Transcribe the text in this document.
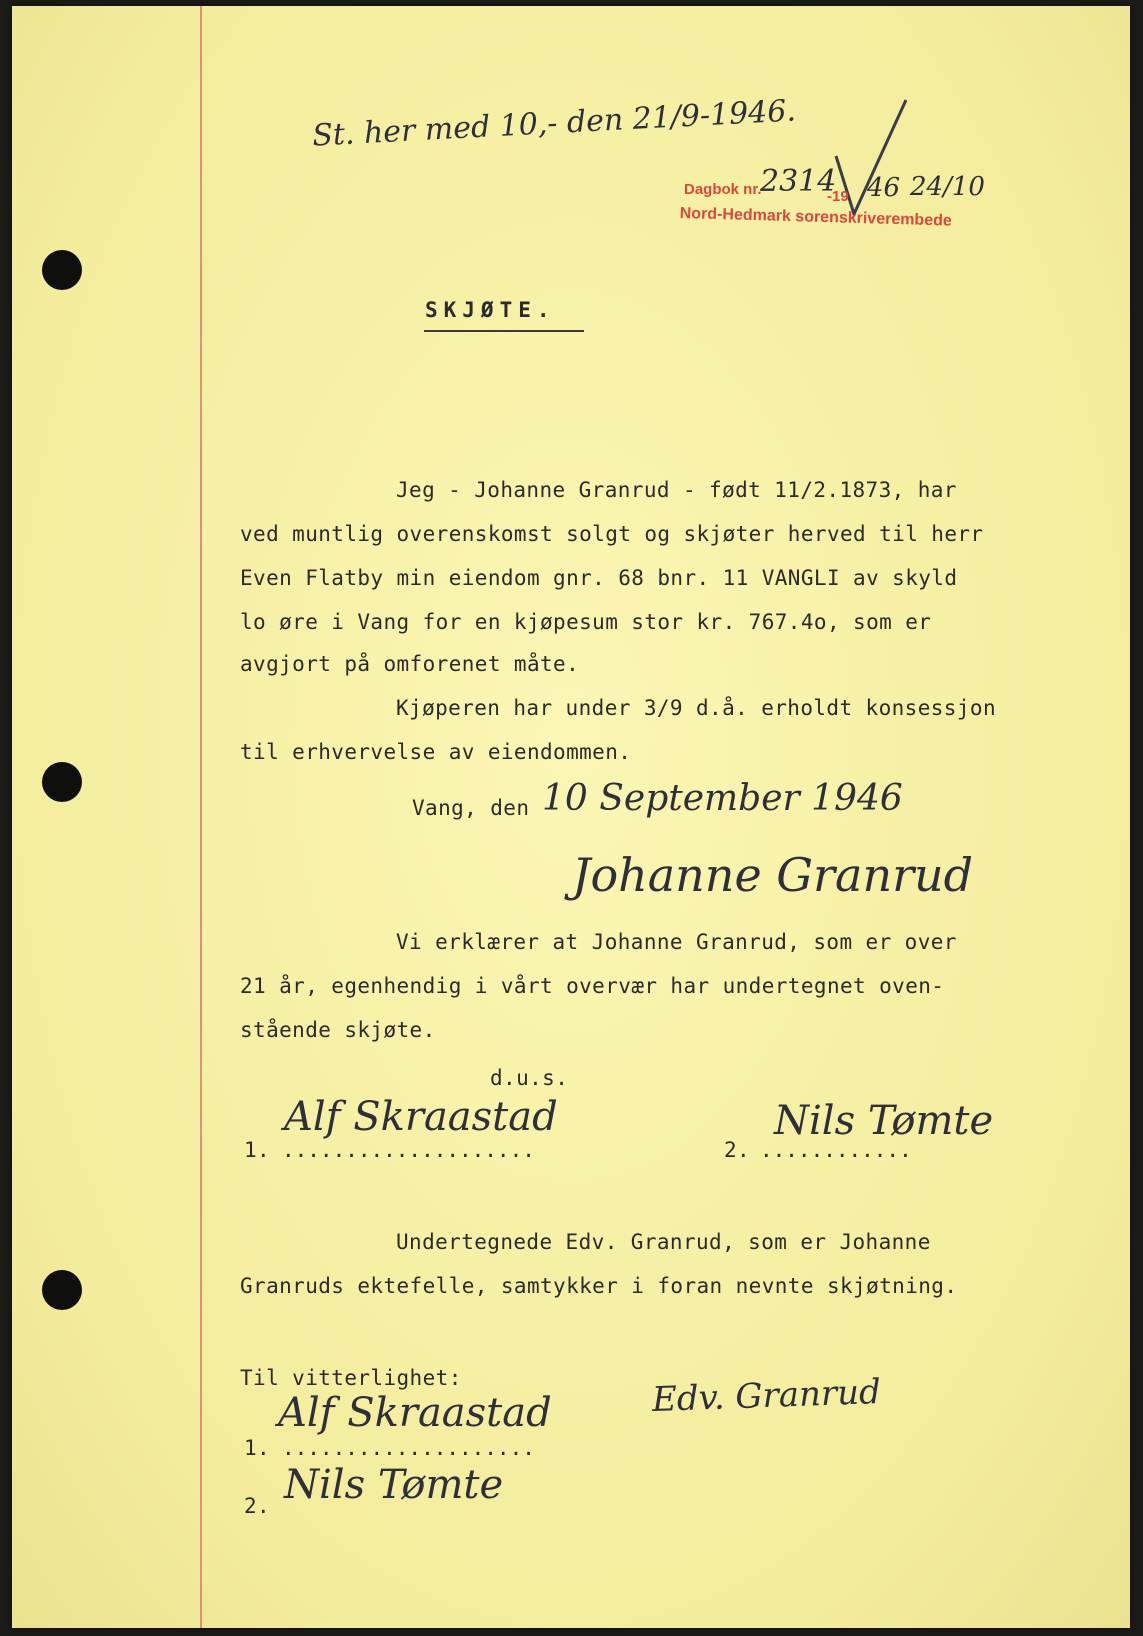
St. her med 10,- den 21/9-1946.
Dagbok nr.
2314
-19 46 24/10
Nord-Hedmark sorenskriverembede
SKJØTE.
Jeg - Johanne Granrud - født 11/2.1873, har
ved muntlig overenskomst solgt og skjøter herved til herr
Even Flatby min eiendom gnr. 68 bnr. 11 VANGLI av skyld
lo øre i Vang for en kjøpesum stor kr. 767.4o, som er
avgjort på omforenet måte.
Kjøperen har under 3/9 d.å. erholdt konsessjon
til erhvervelse av eiendommen.
Vang, den 10 September 1946
Johanne Granrud
Vi erklærer at Johanne Granrud, som er over
21 år, egenhendig i vårt overvær har undertegnet oven-
stående skjøte.
d.u.s.
1. ....................
Alf Skraastad
2. ............
Nils Tømte
Undertegnede Edv. Granrud, som er Johanne
Granruds ektefelle, samtykker i foran nevnte skjøtning.
Til vitterlighet:	Edv. Granrud
1. ....................
Alf Skraastad
2. Nils Tømte
